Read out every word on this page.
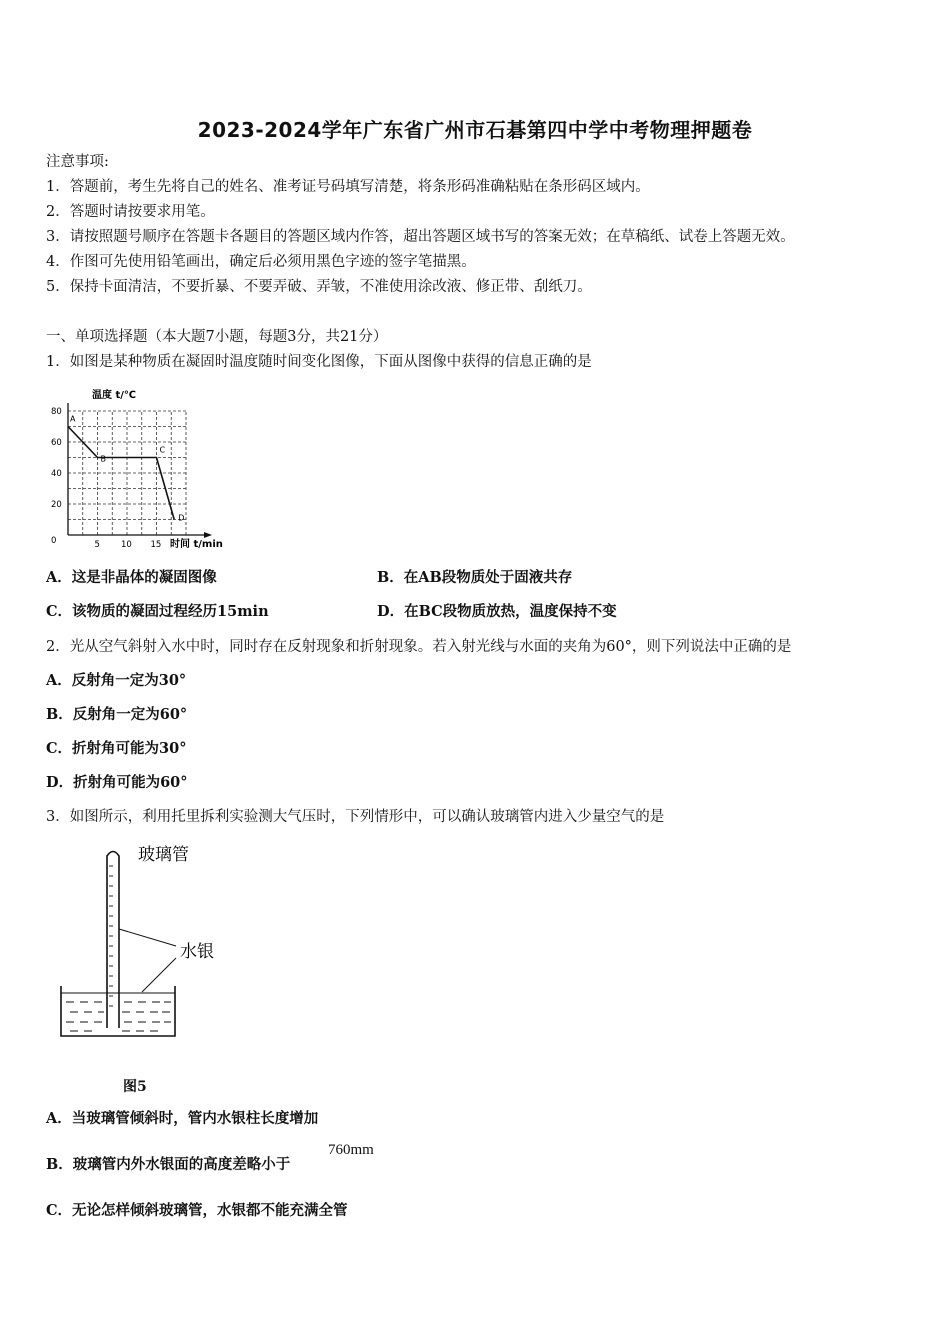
2023-2024学年广东省广州市石碁第四中学中考物理押题卷
注意事项:
1．答题前，考生先将自己的姓名、准考证号码填写清楚，将条形码准确粘贴在条形码区域内。
2．答题时请按要求用笔。
3．请按照题号顺序在答题卡各题目的答题区域内作答，超出答题区域书写的答案无效；在草稿纸、试卷上答题无效。
4．作图可先使用铅笔画出，确定后必须用黑色字迹的签字笔描黑。
5．保持卡面清洁，不要折暴、不要弄破、弄皱，不准使用涂改液、修正带、刮纸刀。
一、单项选择题（本大题7小题，每题3分，共21分）
1．如图是某种物质在凝固时温度随时间变化图像，下面从图像中获得的信息正确的是
0
20
40
60
80
5 10 15
A
B
C
D
温度 t/℃
时间 t/min
A．这是非晶体的凝固图像	B．在AB段物质处于固液共存
C．该物质的凝固过程经历15min	D．在BC段物质放热，温度保持不变
2．光从空气斜射入水中时，同时存在反射现象和折射现象。若入射光线与水面的夹角为60°，则下列说法中正确的是
A．反射角一定为30°
B．反射角一定为60°
C．折射角可能为30°
D．折射角可能为60°
3．如图所示，利用托里拆利实验测大气压时，下列情形中，可以确认玻璃管内进入少量空气的是
玻璃管
水银
图5
A．当玻璃管倾斜时，管内水银柱长度增加
B．玻璃管内外水银面的高度差略小于
760mm
C．无论怎样倾斜玻璃管，水银都不能充满全管
